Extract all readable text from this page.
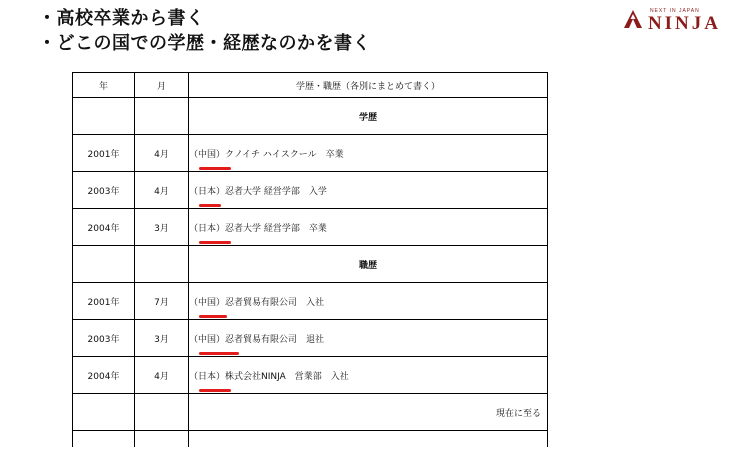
・高校卒業から書く
・どこの国での学歴・経歴なのかを書く
NEXT IN JAPAN
NINJA
年	月	学歴・職歴（各別にまとめて書く）
		学歴
2001年	4月	（中国）クノイチ ハイスクール　卒業

2003年	4月	（日本）忍者大学 経営学部　入学

2004年	3月	（日本）忍者大学 経営学部　卒業

		職歴
2001年	7月	（中国）忍者貿易有限公司　入社

2003年	3月	（中国）忍者貿易有限公司　退社

2004年	4月	（日本）株式会社NINJA　営業部　入社

		現在に至る
